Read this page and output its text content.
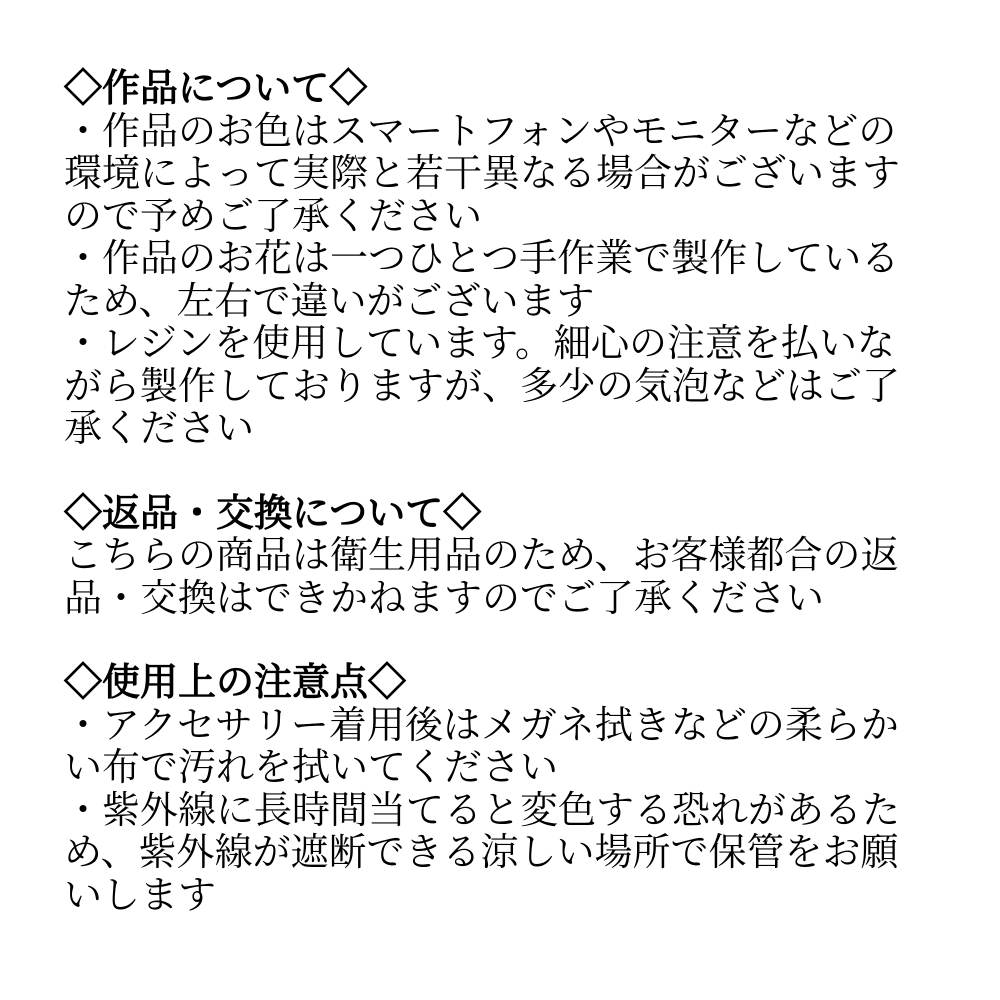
◇作品について◇
・作品のお色はスマートフォンやモニターなどの
環境によって実際と若干異なる場合がございます
ので予めご了承ください
・作品のお花は一つひとつ手作業で製作している
ため、左右で違いがございます
・レジンを使用しています。細心の注意を払いな
がら製作しておりますが、多少の気泡などはご了
承ください
◇返品・交換について◇
こちらの商品は衛生用品のため、お客様都合の返
品・交換はできかねますのでご了承ください
◇使用上の注意点◇
・アクセサリー着用後はメガネ拭きなどの柔らか
い布で汚れを拭いてください
・紫外線に長時間当てると変色する恐れがあるた
め、紫外線が遮断できる涼しい場所で保管をお願
いします
